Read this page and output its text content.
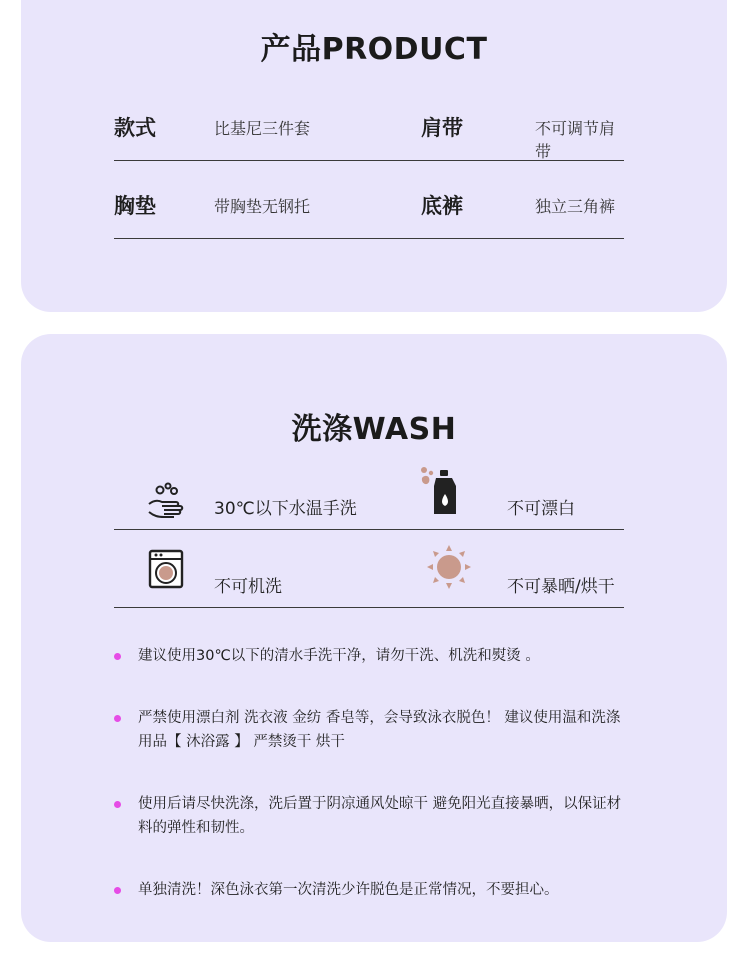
产品PRODUCT
款式	比基尼三件套	肩带	不可调节肩带
胸垫	带胸垫无钢托	底裤	独立三角裤
洗涤WASH
30℃以下水温手洗	不可漂白
不可机洗	不可暴晒/烘干
建议使用30℃以下的清水手洗干净，请勿干洗、机洗和熨烫 。
严禁使用漂白剂 洗衣液 金纺 香皂等，会导致泳衣脱色！ 建议使用温和洗涤用品【 沐浴露 】 严禁烫干 烘干
使用后请尽快洗涤，洗后置于阴凉通风处晾干 避免阳光直接暴晒，以保证材料的弹性和韧性。
单独清洗！深色泳衣第一次清洗少许脱色是正常情况，不要担心。
